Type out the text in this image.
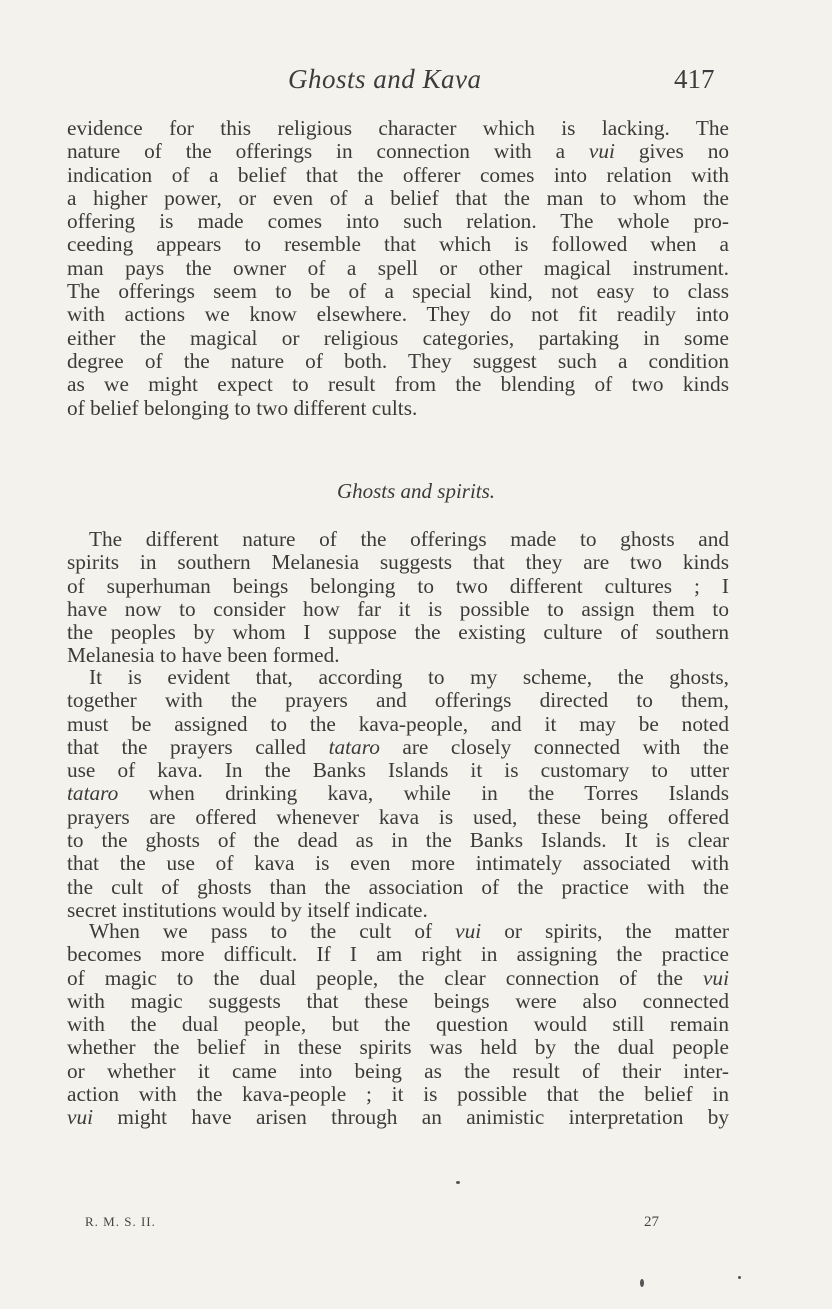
Ghosts and Kava	417
evidence for this religious character which is lacking. The
nature of the offerings in connection with a vui gives no
indication of a belief that the offerer comes into relation with
a higher power, or even of a belief that the man to whom the
offering is made comes into such relation. The whole pro-
ceeding appears to resemble that which is followed when a
man pays the owner of a spell or other magical instrument.
The offerings seem to be of a special kind, not easy to class
with actions we know elsewhere. They do not fit readily into
either the magical or religious categories, partaking in some
degree of the nature of both. They suggest such a condition
as we might expect to result from the blending of two kinds
of belief belonging to two different cults.
Ghosts and spirits.
The different nature of the offerings made to ghosts and
spirits in southern Melanesia suggests that they are two kinds
of superhuman beings belonging to two different cultures ; I
have now to consider how far it is possible to assign them to
the peoples by whom I suppose the existing culture of southern
Melanesia to have been formed.
It is evident that, according to my scheme, the ghosts,
together with the prayers and offerings directed to them,
must be assigned to the kava-people, and it may be noted
that the prayers called tataro are closely connected with the
use of kava. In the Banks Islands it is customary to utter
tataro when drinking kava, while in the Torres Islands
prayers are offered whenever kava is used, these being offered
to the ghosts of the dead as in the Banks Islands. It is clear
that the use of kava is even more intimately associated with
the cult of ghosts than the association of the practice with the
secret institutions would by itself indicate.
When we pass to the cult of vui or spirits, the matter
becomes more difficult. If I am right in assigning the practice
of magic to the dual people, the clear connection of the vui
with magic suggests that these beings were also connected
with the dual people, but the question would still remain
whether the belief in these spirits was held by the dual people
or whether it came into being as the result of their inter-
action with the kava-people ; it is possible that the belief in
vui might have arisen through an animistic interpretation by
R. M. S. II.	27
